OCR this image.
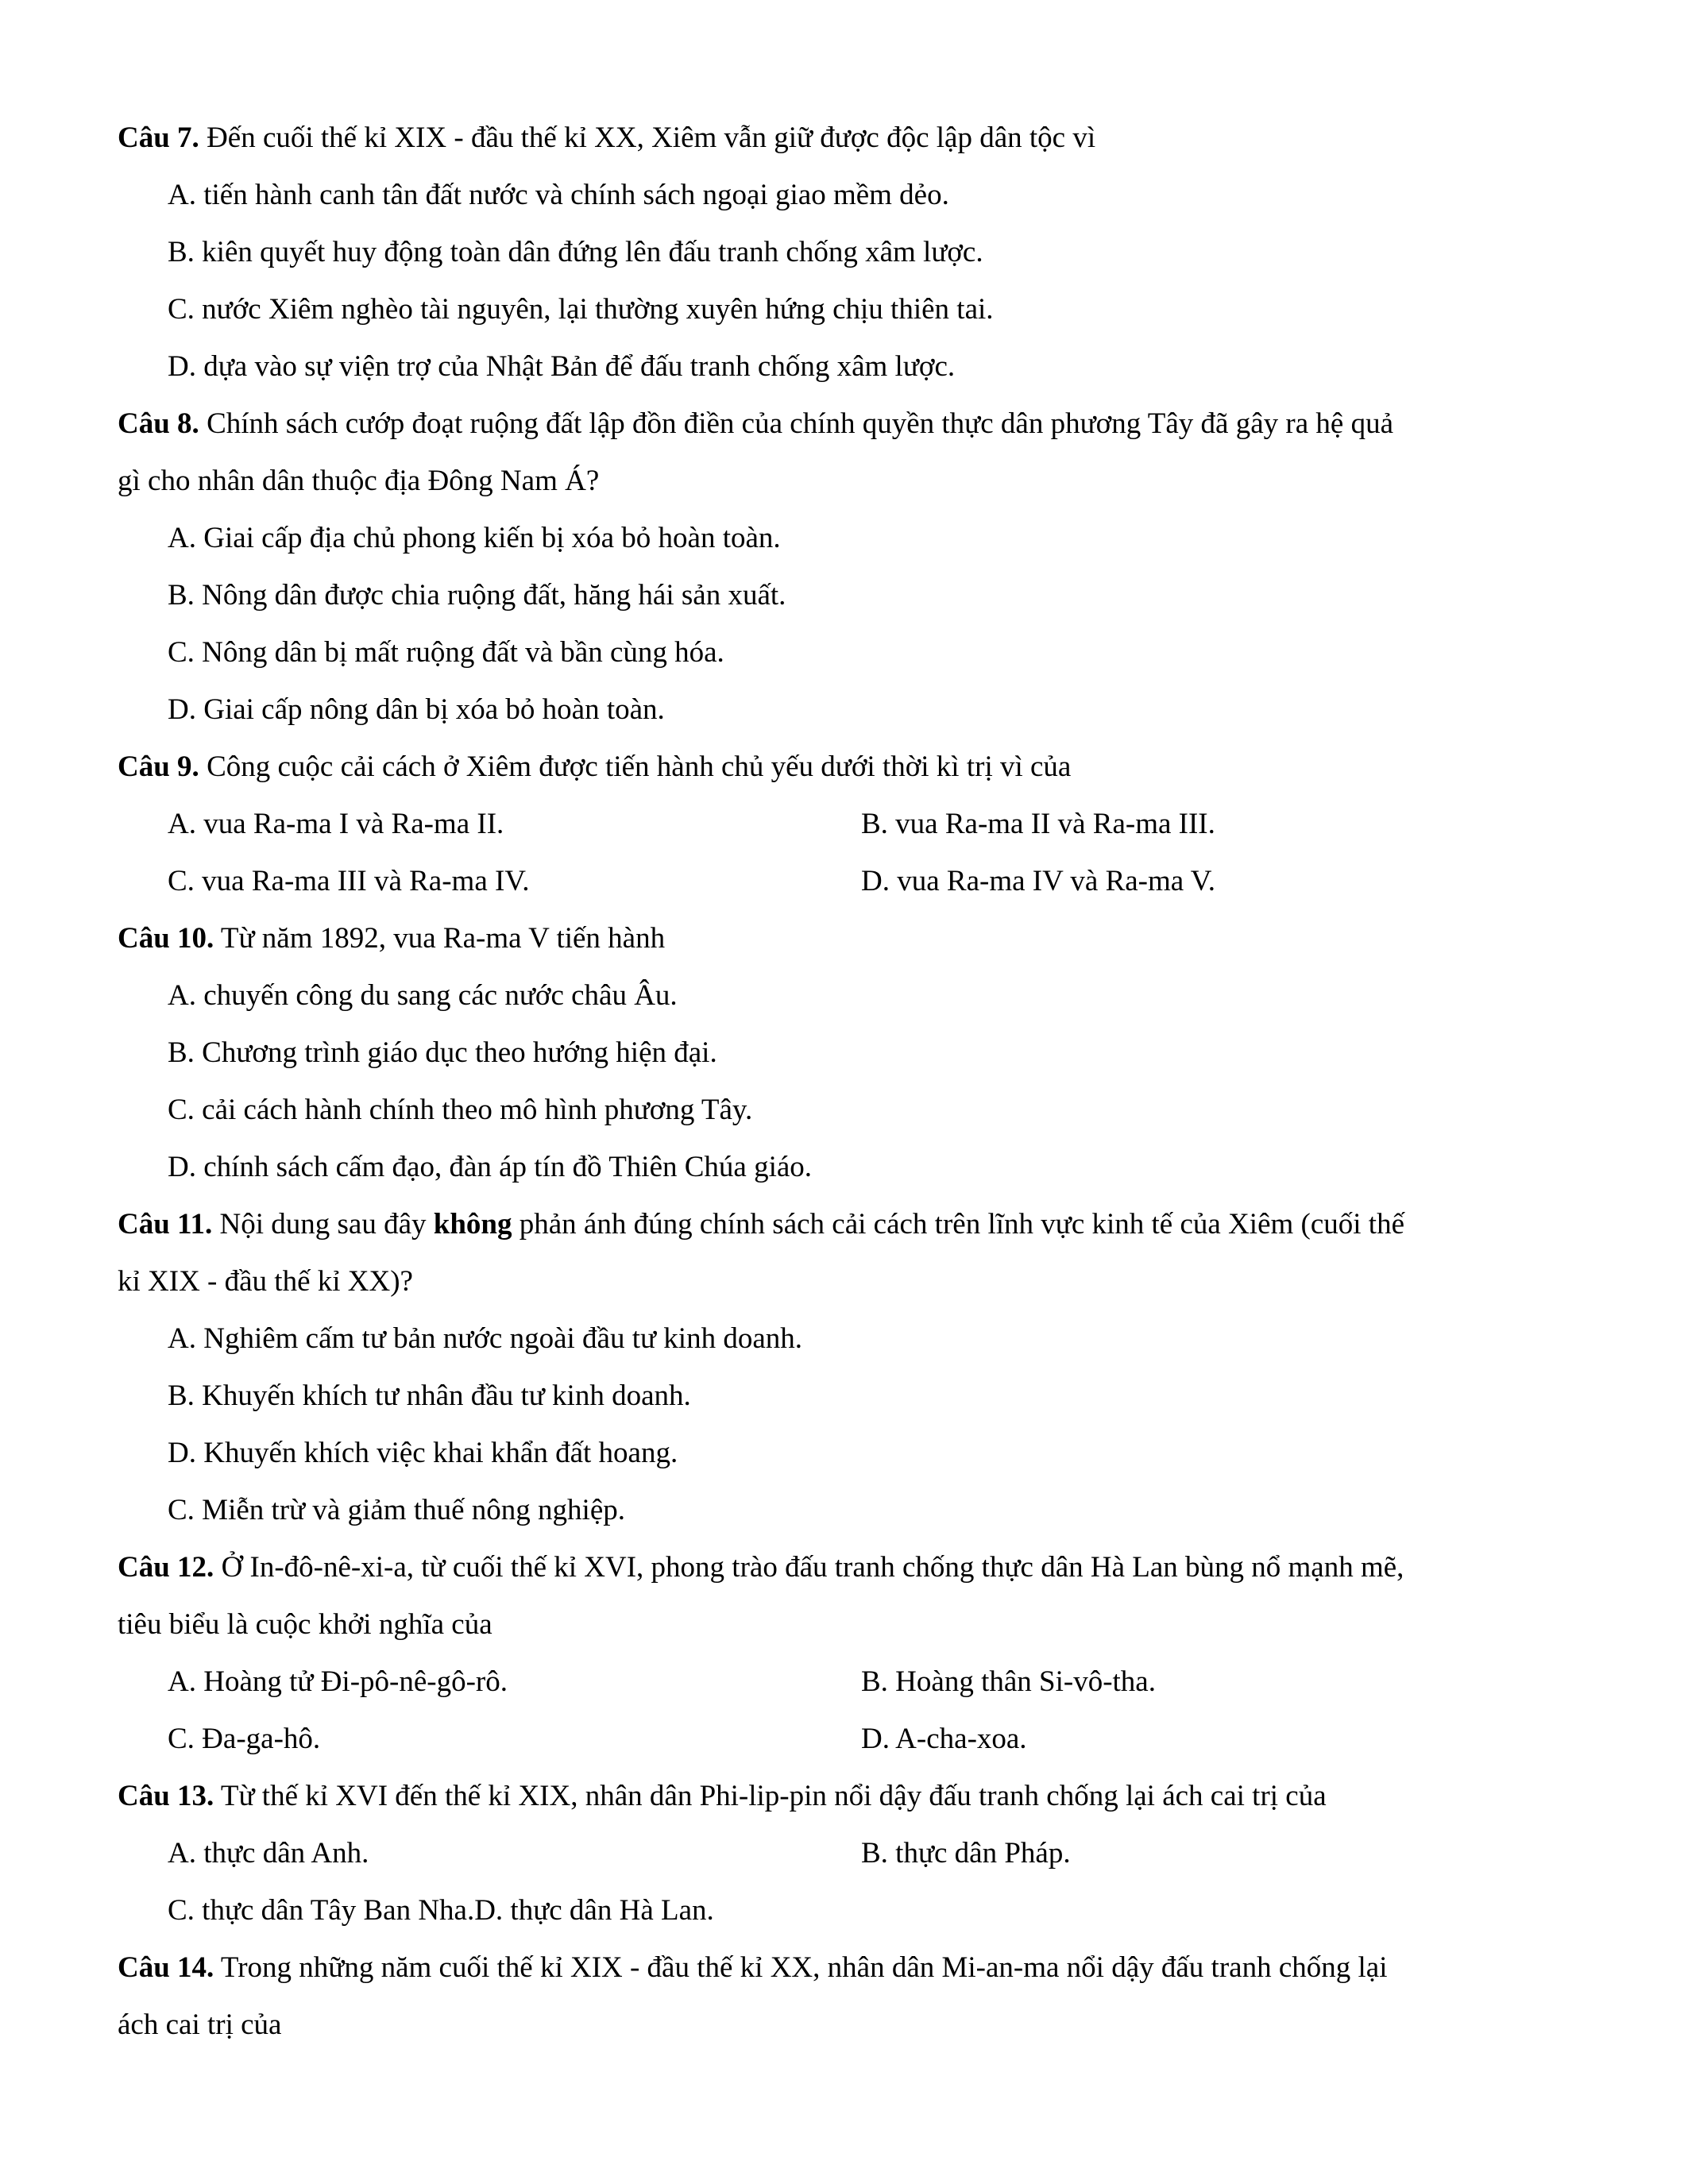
Câu 7. Đến cuối thế kỉ XIX - đầu thế kỉ XX, Xiêm vẫn giữ được độc lập dân tộc vì

A. tiến hành canh tân đất nước và chính sách ngoại giao mềm dẻo.

B. kiên quyết huy động toàn dân đứng lên đấu tranh chống xâm lược.

C. nước Xiêm nghèo tài nguyên, lại thường xuyên hứng chịu thiên tai.

D. dựa vào sự viện trợ của Nhật Bản để đấu tranh chống xâm lược.

Câu 8. Chính sách cướp đoạt ruộng đất lập đồn điền của chính quyền thực dân phương Tây đã gây ra hệ quả

gì cho nhân dân thuộc địa Đông Nam Á?

A. Giai cấp địa chủ phong kiến bị xóa bỏ hoàn toàn.

B. Nông dân được chia ruộng đất, hăng hái sản xuất.

C. Nông dân bị mất ruộng đất và bần cùng hóa.

D. Giai cấp nông dân bị xóa bỏ hoàn toàn.

Câu 9. Công cuộc cải cách ở Xiêm được tiến hành chủ yếu dưới thời kì trị vì của

A. vua Ra-ma I và Ra-ma II.	B. vua Ra-ma II và Ra-ma III.
C. vua Ra-ma III và Ra-ma IV.	D. vua Ra-ma IV và Ra-ma V.

Câu 10. Từ năm 1892, vua Ra-ma V tiến hành

A. chuyến công du sang các nước châu Âu.

B. Chương trình giáo dục theo hướng hiện đại.

C. cải cách hành chính theo mô hình phương Tây.

D. chính sách cấm đạo, đàn áp tín đồ Thiên Chúa giáo.

Câu 11. Nội dung sau đây không phản ánh đúng chính sách cải cách trên lĩnh vực kinh tế của Xiêm (cuối thế

kỉ XIX - đầu thế kỉ XX)?

A. Nghiêm cấm tư bản nước ngoài đầu tư kinh doanh.

B. Khuyến khích tư nhân đầu tư kinh doanh.

D. Khuyến khích việc khai khẩn đất hoang.

C. Miễn trừ và giảm thuế nông nghiệp.

Câu 12. Ở In-đô-nê-xi-a, từ cuối thế kỉ XVI, phong trào đấu tranh chống thực dân Hà Lan bùng nổ mạnh mẽ,

tiêu biểu là cuộc khởi nghĩa của

A. Hoàng tử Đi-pô-nê-gô-rô.	B. Hoàng thân Si-vô-tha.
C. Đa-ga-hô.	D. A-cha-xoa.

Câu 13. Từ thế kỉ XVI đến thế kỉ XIX, nhân dân Phi-lip-pin nổi dậy đấu tranh chống lại ách cai trị của

A. thực dân Anh.	B. thực dân Pháp.

C. thực dân Tây Ban Nha.D. thực dân Hà Lan.

Câu 14. Trong những năm cuối thế kỉ XIX - đầu thế kỉ XX, nhân dân Mi-an-ma nổi dậy đấu tranh chống lại

ách cai trị của
